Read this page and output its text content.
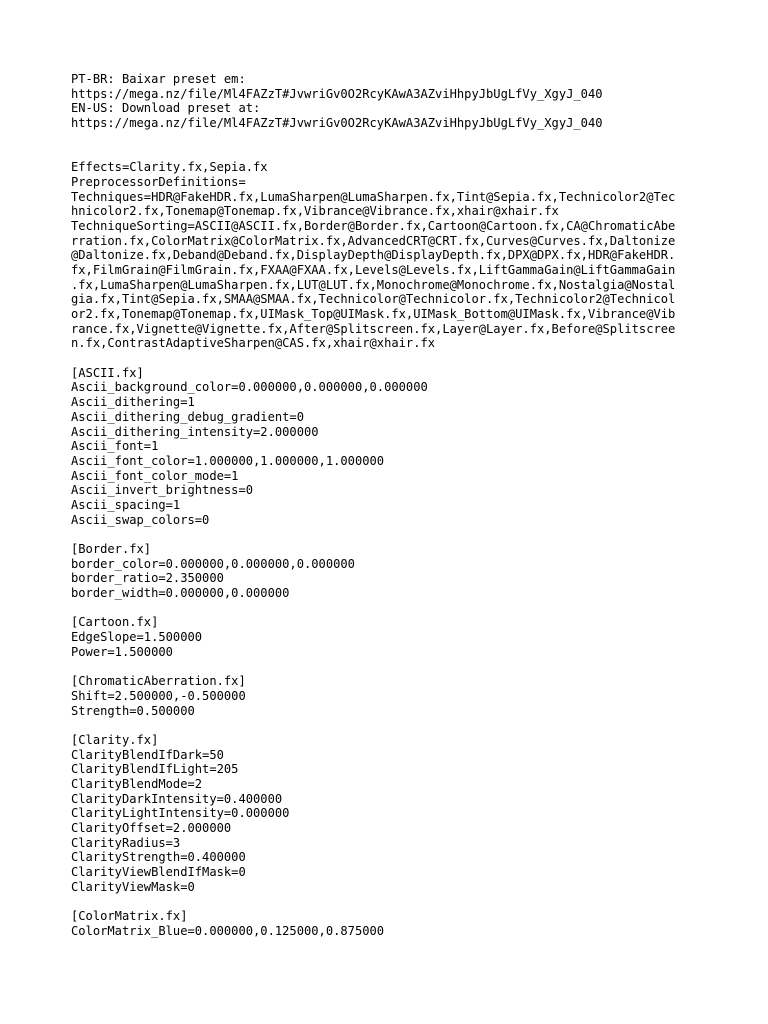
PT-BR: Baixar preset em:
https://mega.nz/file/Ml4FAZzT#JvwriGv0O2RcyKAwA3AZviHhpyJbUgLfVy_XgyJ_040
EN-US: Download preset at:
https://mega.nz/file/Ml4FAZzT#JvwriGv0O2RcyKAwA3AZviHhpyJbUgLfVy_XgyJ_040
Effects=Clarity.fx,Sepia.fx
PreprocessorDefinitions=
Techniques=HDR@FakeHDR.fx,LumaSharpen@LumaSharpen.fx,Tint@Sepia.fx,Technicolor2@Tec
hnicolor2.fx,Tonemap@Tonemap.fx,Vibrance@Vibrance.fx,xhair@xhair.fx
TechniqueSorting=ASCII@ASCII.fx,Border@Border.fx,Cartoon@Cartoon.fx,CA@ChromaticAbe
rration.fx,ColorMatrix@ColorMatrix.fx,AdvancedCRT@CRT.fx,Curves@Curves.fx,Daltonize
@Daltonize.fx,Deband@Deband.fx,DisplayDepth@DisplayDepth.fx,DPX@DPX.fx,HDR@FakeHDR.
fx,FilmGrain@FilmGrain.fx,FXAA@FXAA.fx,Levels@Levels.fx,LiftGammaGain@LiftGammaGain
.fx,LumaSharpen@LumaSharpen.fx,LUT@LUT.fx,Monochrome@Monochrome.fx,Nostalgia@Nostal
gia.fx,Tint@Sepia.fx,SMAA@SMAA.fx,Technicolor@Technicolor.fx,Technicolor2@Technicol
or2.fx,Tonemap@Tonemap.fx,UIMask_Top@UIMask.fx,UIMask_Bottom@UIMask.fx,Vibrance@Vib
rance.fx,Vignette@Vignette.fx,After@Splitscreen.fx,Layer@Layer.fx,Before@Splitscree
n.fx,ContrastAdaptiveSharpen@CAS.fx,xhair@xhair.fx
[ASCII.fx]
Ascii_background_color=0.000000,0.000000,0.000000
Ascii_dithering=1
Ascii_dithering_debug_gradient=0
Ascii_dithering_intensity=2.000000
Ascii_font=1
Ascii_font_color=1.000000,1.000000,1.000000
Ascii_font_color_mode=1
Ascii_invert_brightness=0
Ascii_spacing=1
Ascii_swap_colors=0
[Border.fx]
border_color=0.000000,0.000000,0.000000
border_ratio=2.350000
border_width=0.000000,0.000000
[Cartoon.fx]
EdgeSlope=1.500000
Power=1.500000
[ChromaticAberration.fx]
Shift=2.500000,-0.500000
Strength=0.500000
[Clarity.fx]
ClarityBlendIfDark=50
ClarityBlendIfLight=205
ClarityBlendMode=2
ClarityDarkIntensity=0.400000
ClarityLightIntensity=0.000000
ClarityOffset=2.000000
ClarityRadius=3
ClarityStrength=0.400000
ClarityViewBlendIfMask=0
ClarityViewMask=0
[ColorMatrix.fx]
ColorMatrix_Blue=0.000000,0.125000,0.875000
